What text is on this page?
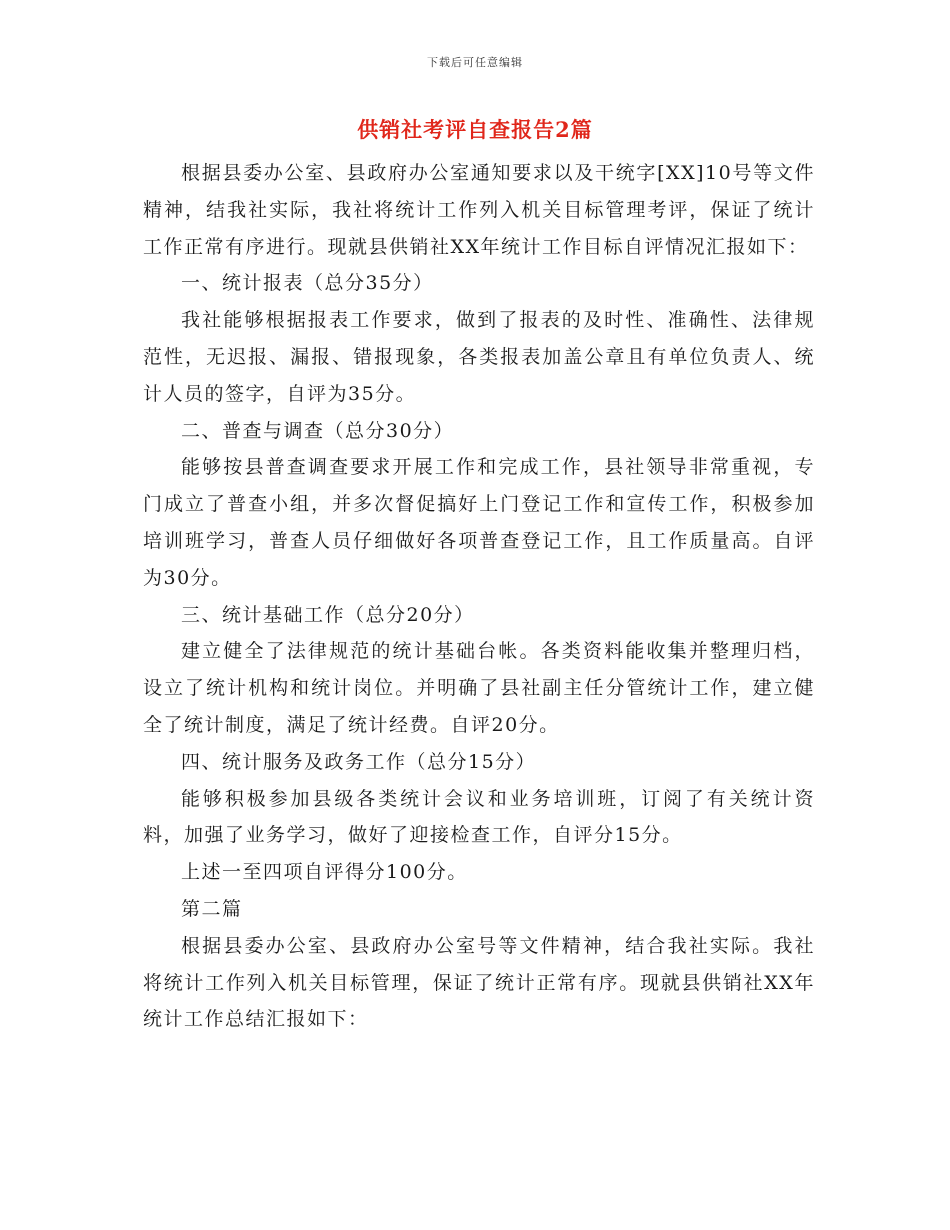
下载后可任意编辑
供销社考评自查报告2篇

根据县委办公室、县政府办公室通知要求以及干统字[XX]10号等文件精神，结我社实际，我社将统计工作列入机关目标管理考评，保证了统计工作正常有序进行。现就县供销社XX年统计工作目标自评情况汇报如下：

一、统计报表（总分35分）

我社能够根据报表工作要求，做到了报表的及时性、准确性、法律规范性，无迟报、漏报、错报现象，各类报表加盖公章且有单位负责人、统计人员的签字，自评为35分。

二、普查与调查（总分30分）

能够按县普查调查要求开展工作和完成工作，县社领导非常重视，专门成立了普查小组，并多次督促搞好上门登记工作和宣传工作，积极参加培训班学习，普查人员仔细做好各项普查登记工作，且工作质量高。自评为30分。

三、统计基础工作（总分20分）

建立健全了法律规范的统计基础台帐。各类资料能收集并整理归档，设立了统计机构和统计岗位。并明确了县社副主任分管统计工作，建立健全了统计制度，满足了统计经费。自评20分。

四、统计服务及政务工作（总分15分）

能够积极参加县级各类统计会议和业务培训班，订阅了有关统计资料，加强了业务学习，做好了迎接检查工作，自评分15分。

上述一至四项自评得分100分。

第二篇

根据县委办公室、县政府办公室号等文件精神，结合我社实际。我社将统计工作列入机关目标管理，保证了统计正常有序。现就县供销社XX年统计工作总结汇报如下：
